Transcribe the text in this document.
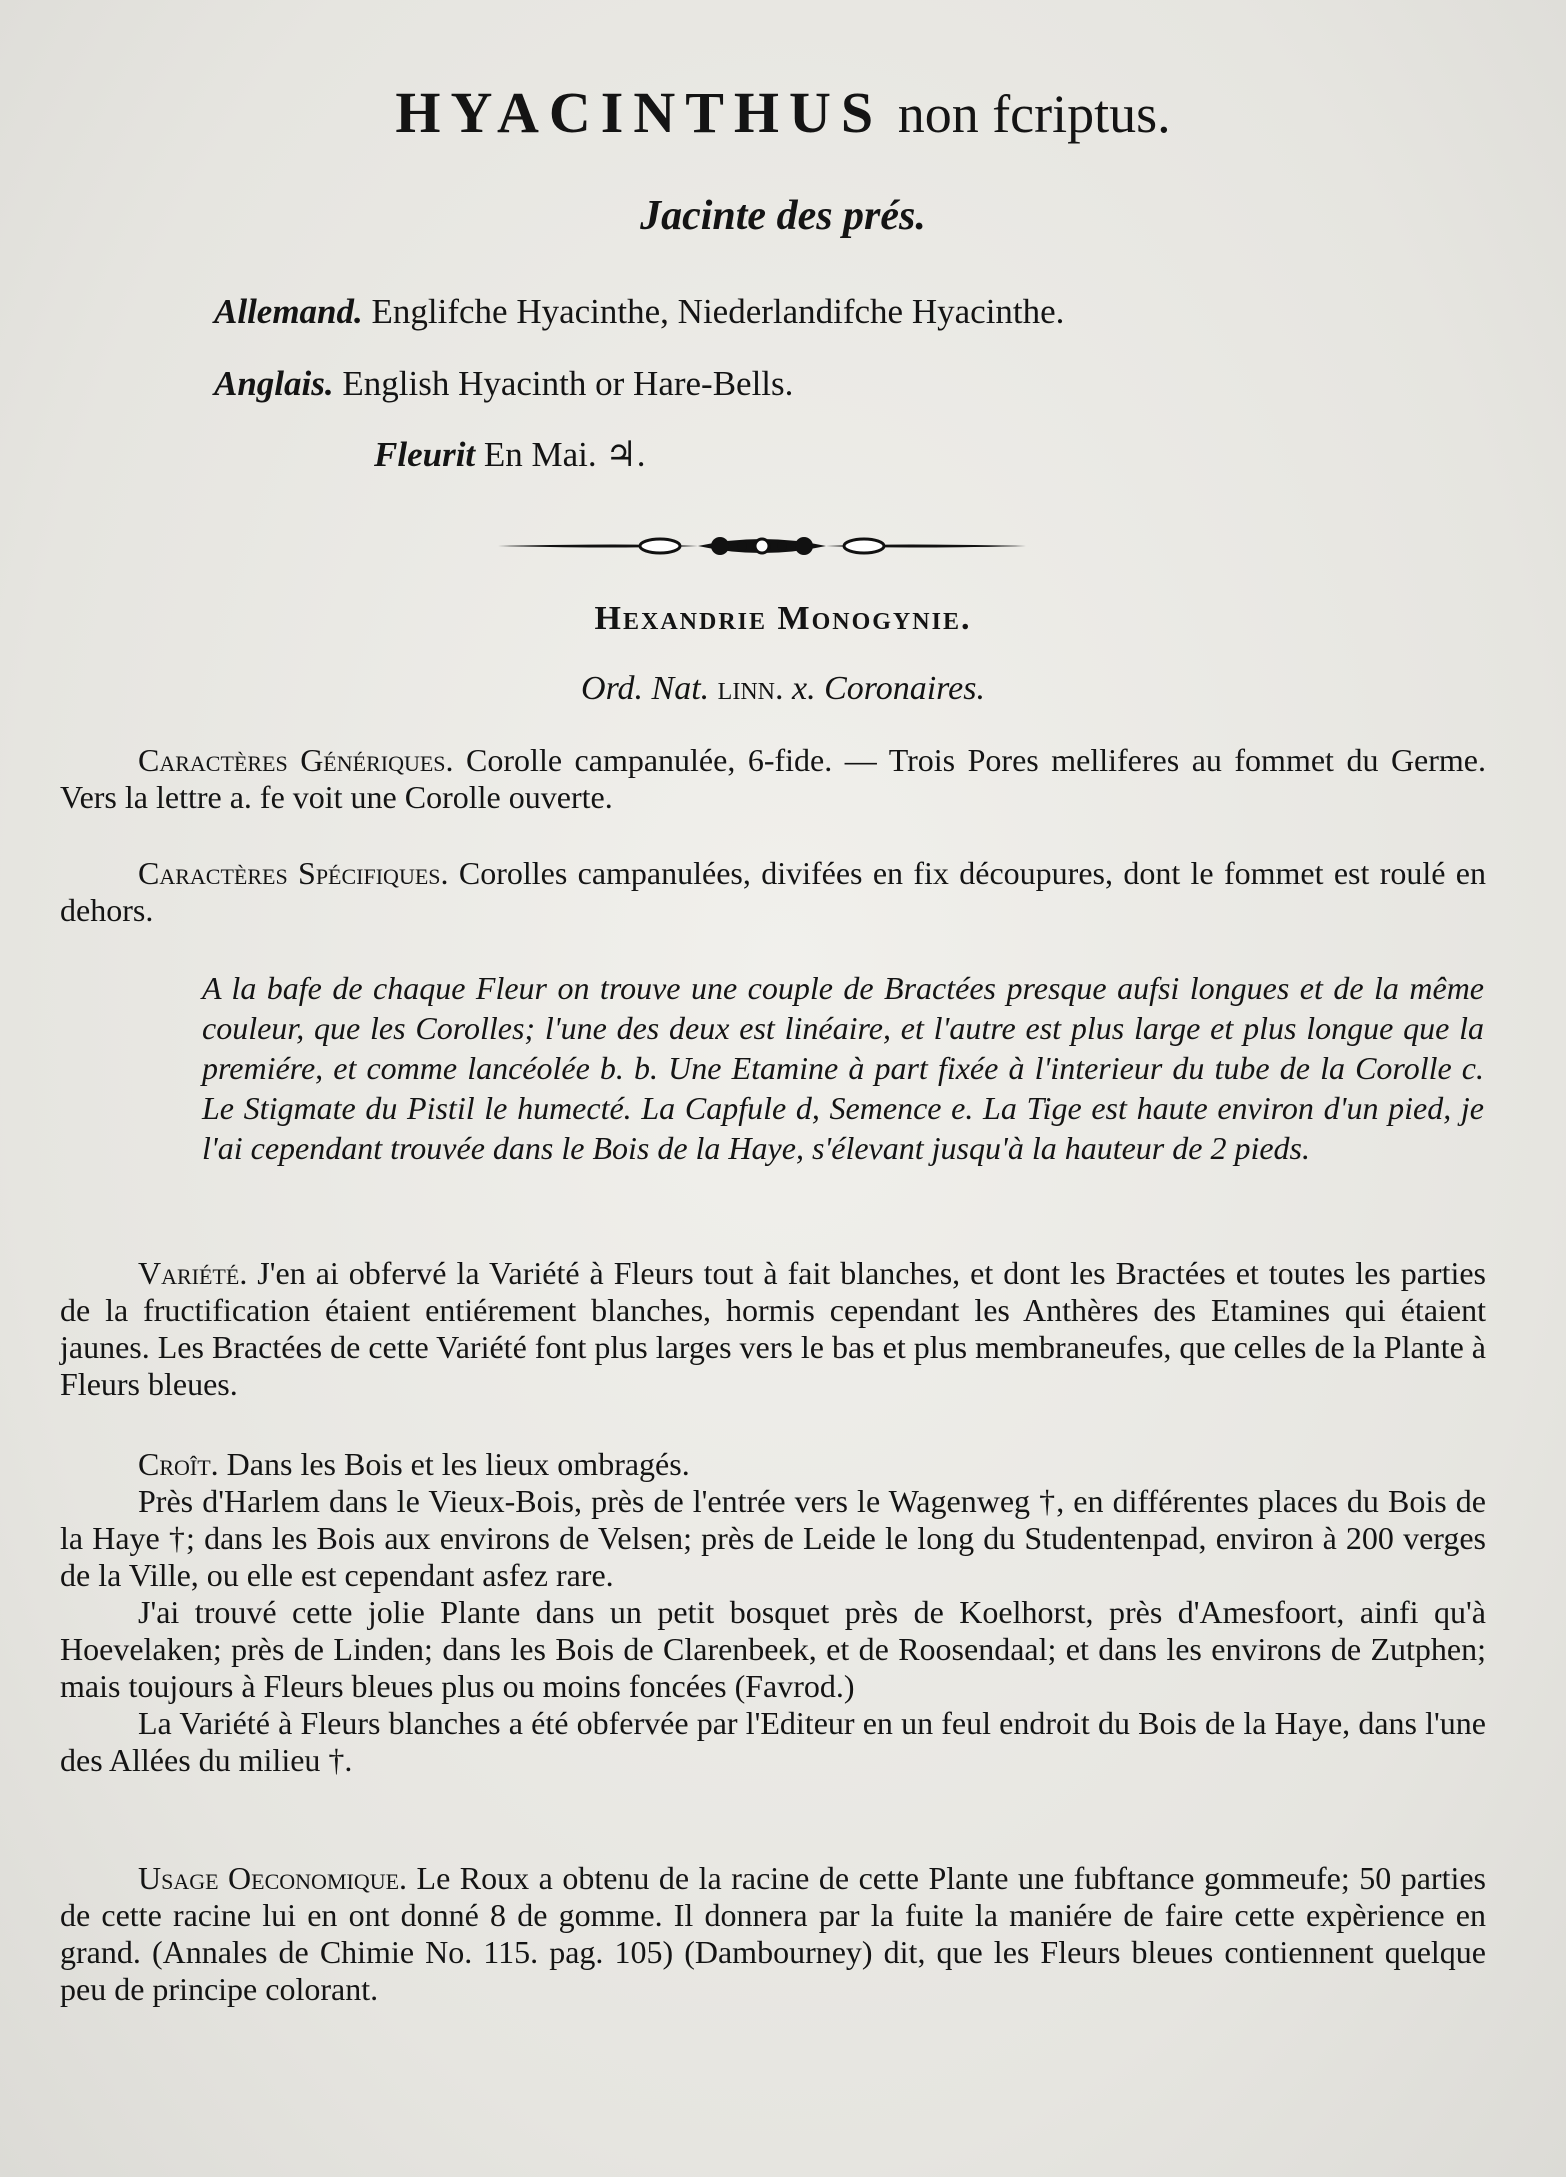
HYACINTHUS non fcriptus.
Jacinte des prés.
Allemand. Englifche Hyacinthe, Niederlandifche Hyacinthe.
Anglais. English Hyacinth or Hare-Bells.
Fleurit En Mai. ♃.
Hexandrie Monogynie.
Ord. Nat. linn. x. Coronaires.
Caractères Génériques. Corolle campanulée, 6-fide. — Trois Pores melliferes au fommet du Germe. Vers la lettre a. fe voit une Corolle ouverte.
Caractères Spécifiques. Corolles campanulées, divifées en fix découpures, dont le fommet est roulé en dehors.
A la bafe de chaque Fleur on trouve une couple de Bractées presque aufsi longues et de la même couleur, que les Corolles; l'une des deux est linéaire, et l'autre est plus large et plus longue que la premiére, et comme lancéolée b. b. Une Etamine à part fixée à l'interieur du tube de la Corolle c. Le Stigmate du Pistil le humecté. La Capfule d, Semence e. La Tige est haute environ d'un pied, je l'ai cependant trouvée dans le Bois de la Haye, s'élevant jusqu'à la hauteur de 2 pieds.
Variété. J'en ai obfervé la Variété à Fleurs tout à fait blanches, et dont les Bractées et toutes les parties de la fructification étaient entiérement blanches, hormis cependant les Anthères des Etamines qui étaient jaunes. Les Bractées de cette Variété font plus larges vers le bas et plus membraneufes, que celles de la Plante à Fleurs bleues.
Croît. Dans les Bois et les lieux ombragés.
Près d'Harlem dans le Vieux-Bois, près de l'entrée vers le Wagenweg †, en différentes places du Bois de la Haye †; dans les Bois aux environs de Velsen; près de Leide le long du Studentenpad, environ à 200 verges de la Ville, ou elle est cependant asfez rare.
J'ai trouvé cette jolie Plante dans un petit bosquet près de Koelhorst, près d'Amesfoort, ainfi qu'à Hoevelaken; près de Linden; dans les Bois de Clarenbeek, et de Roosendaal; et dans les environs de Zutphen; mais toujours à Fleurs bleues plus ou moins foncées (Favrod.)
La Variété à Fleurs blanches a été obfervée par l'Editeur en un feul endroit du Bois de la Haye, dans l'une des Allées du milieu †.
Usage Oeconomique. Le Roux a obtenu de la racine de cette Plante une fubftance gommeufe; 50 parties de cette racine lui en ont donné 8 de gomme. Il donnera par la fuite la maniére de faire cette expèrience en grand. (Annales de Chimie No. 115. pag. 105) (Dambourney) dit, que les Fleurs bleues contiennent quelque peu de principe colorant.
